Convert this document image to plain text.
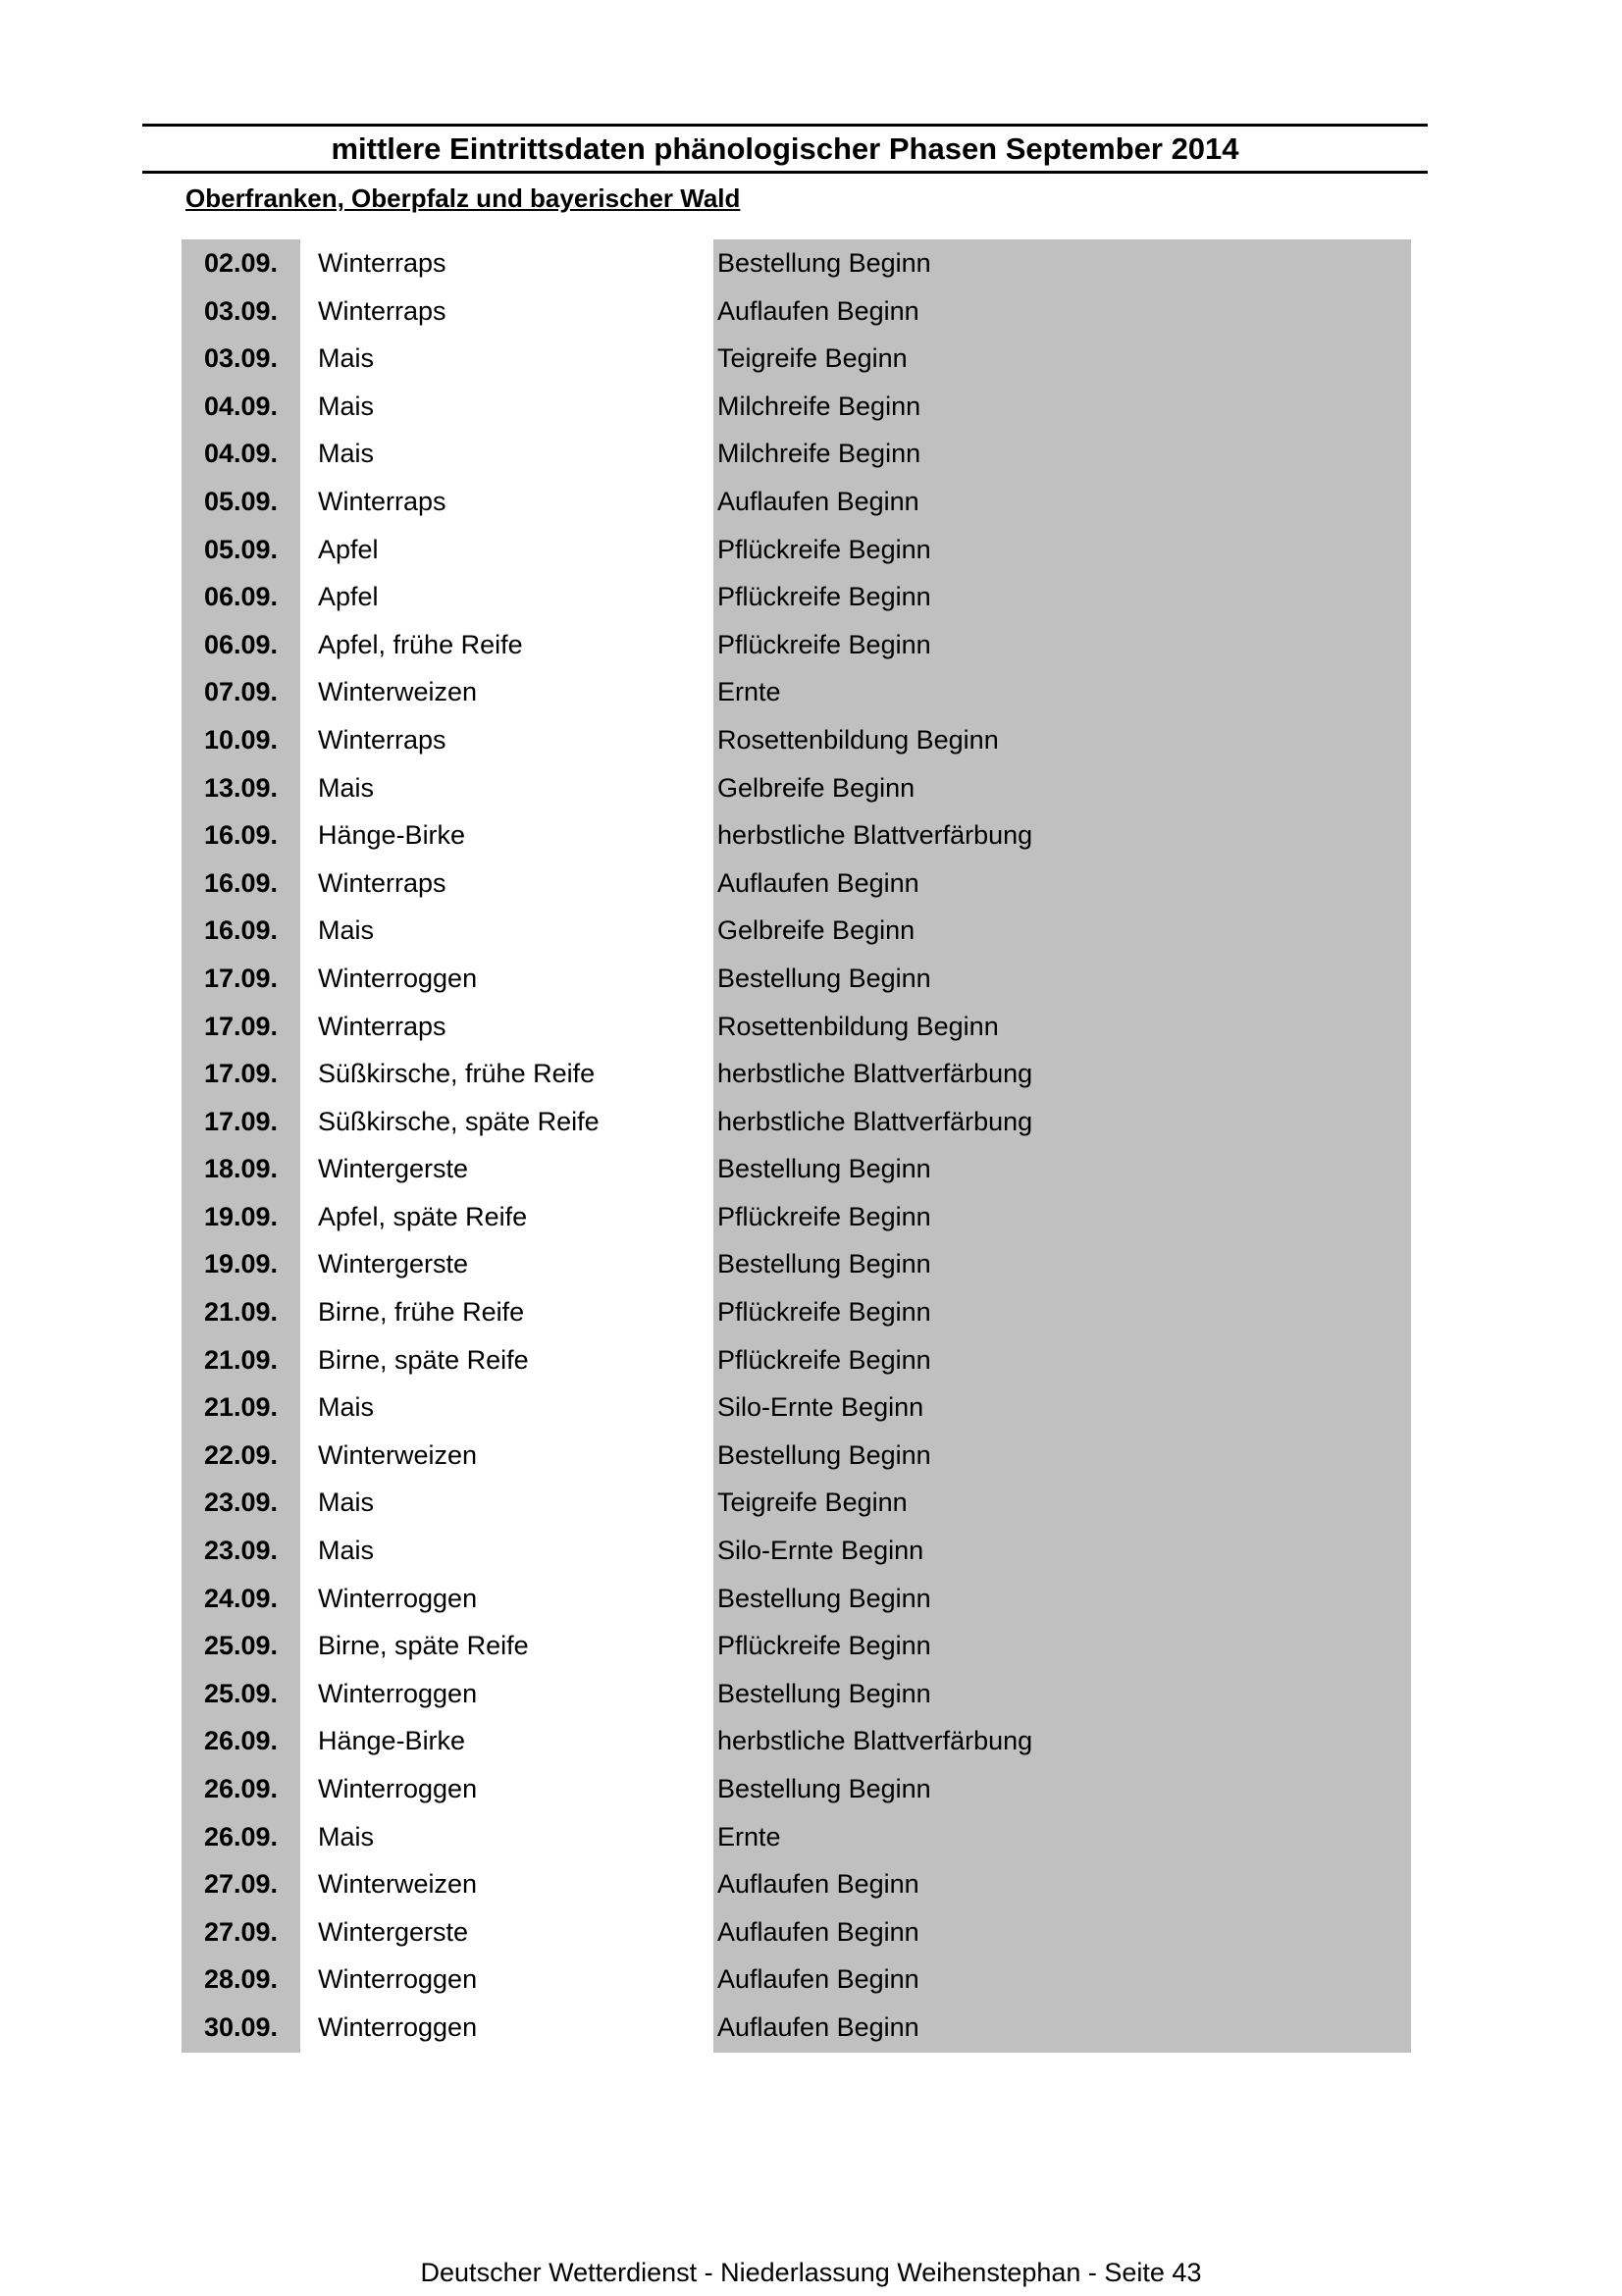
mittlere Eintrittsdaten phänologischer Phasen September 2014
Oberfranken, Oberpfalz und bayerischer Wald
02.09.	Winterraps	Bestellung Beginn
03.09.	Winterraps	Auflaufen Beginn
03.09.	Mais	Teigreife Beginn
04.09.	Mais	Milchreife Beginn
04.09.	Mais	Milchreife Beginn
05.09.	Winterraps	Auflaufen Beginn
05.09.	Apfel	Pflückreife Beginn
06.09.	Apfel	Pflückreife Beginn
06.09.	Apfel, frühe Reife	Pflückreife Beginn
07.09.	Winterweizen	Ernte
10.09.	Winterraps	Rosettenbildung Beginn
13.09.	Mais	Gelbreife Beginn
16.09.	Hänge-Birke	herbstliche Blattverfärbung
16.09.	Winterraps	Auflaufen Beginn
16.09.	Mais	Gelbreife Beginn
17.09.	Winterroggen	Bestellung Beginn
17.09.	Winterraps	Rosettenbildung Beginn
17.09.	Süßkirsche, frühe Reife	herbstliche Blattverfärbung
17.09.	Süßkirsche, späte Reife	herbstliche Blattverfärbung
18.09.	Wintergerste	Bestellung Beginn
19.09.	Apfel, späte Reife	Pflückreife Beginn
19.09.	Wintergerste	Bestellung Beginn
21.09.	Birne, frühe Reife	Pflückreife Beginn
21.09.	Birne, späte Reife	Pflückreife Beginn
21.09.	Mais	Silo-Ernte Beginn
22.09.	Winterweizen	Bestellung Beginn
23.09.	Mais	Teigreife Beginn
23.09.	Mais	Silo-Ernte Beginn
24.09.	Winterroggen	Bestellung Beginn
25.09.	Birne, späte Reife	Pflückreife Beginn
25.09.	Winterroggen	Bestellung Beginn
26.09.	Hänge-Birke	herbstliche Blattverfärbung
26.09.	Winterroggen	Bestellung Beginn
26.09.	Mais	Ernte
27.09.	Winterweizen	Auflaufen Beginn
27.09.	Wintergerste	Auflaufen Beginn
28.09.	Winterroggen	Auflaufen Beginn
30.09.	Winterroggen	Auflaufen Beginn
Deutscher Wetterdienst - Niederlassung Weihenstephan - Seite 43
